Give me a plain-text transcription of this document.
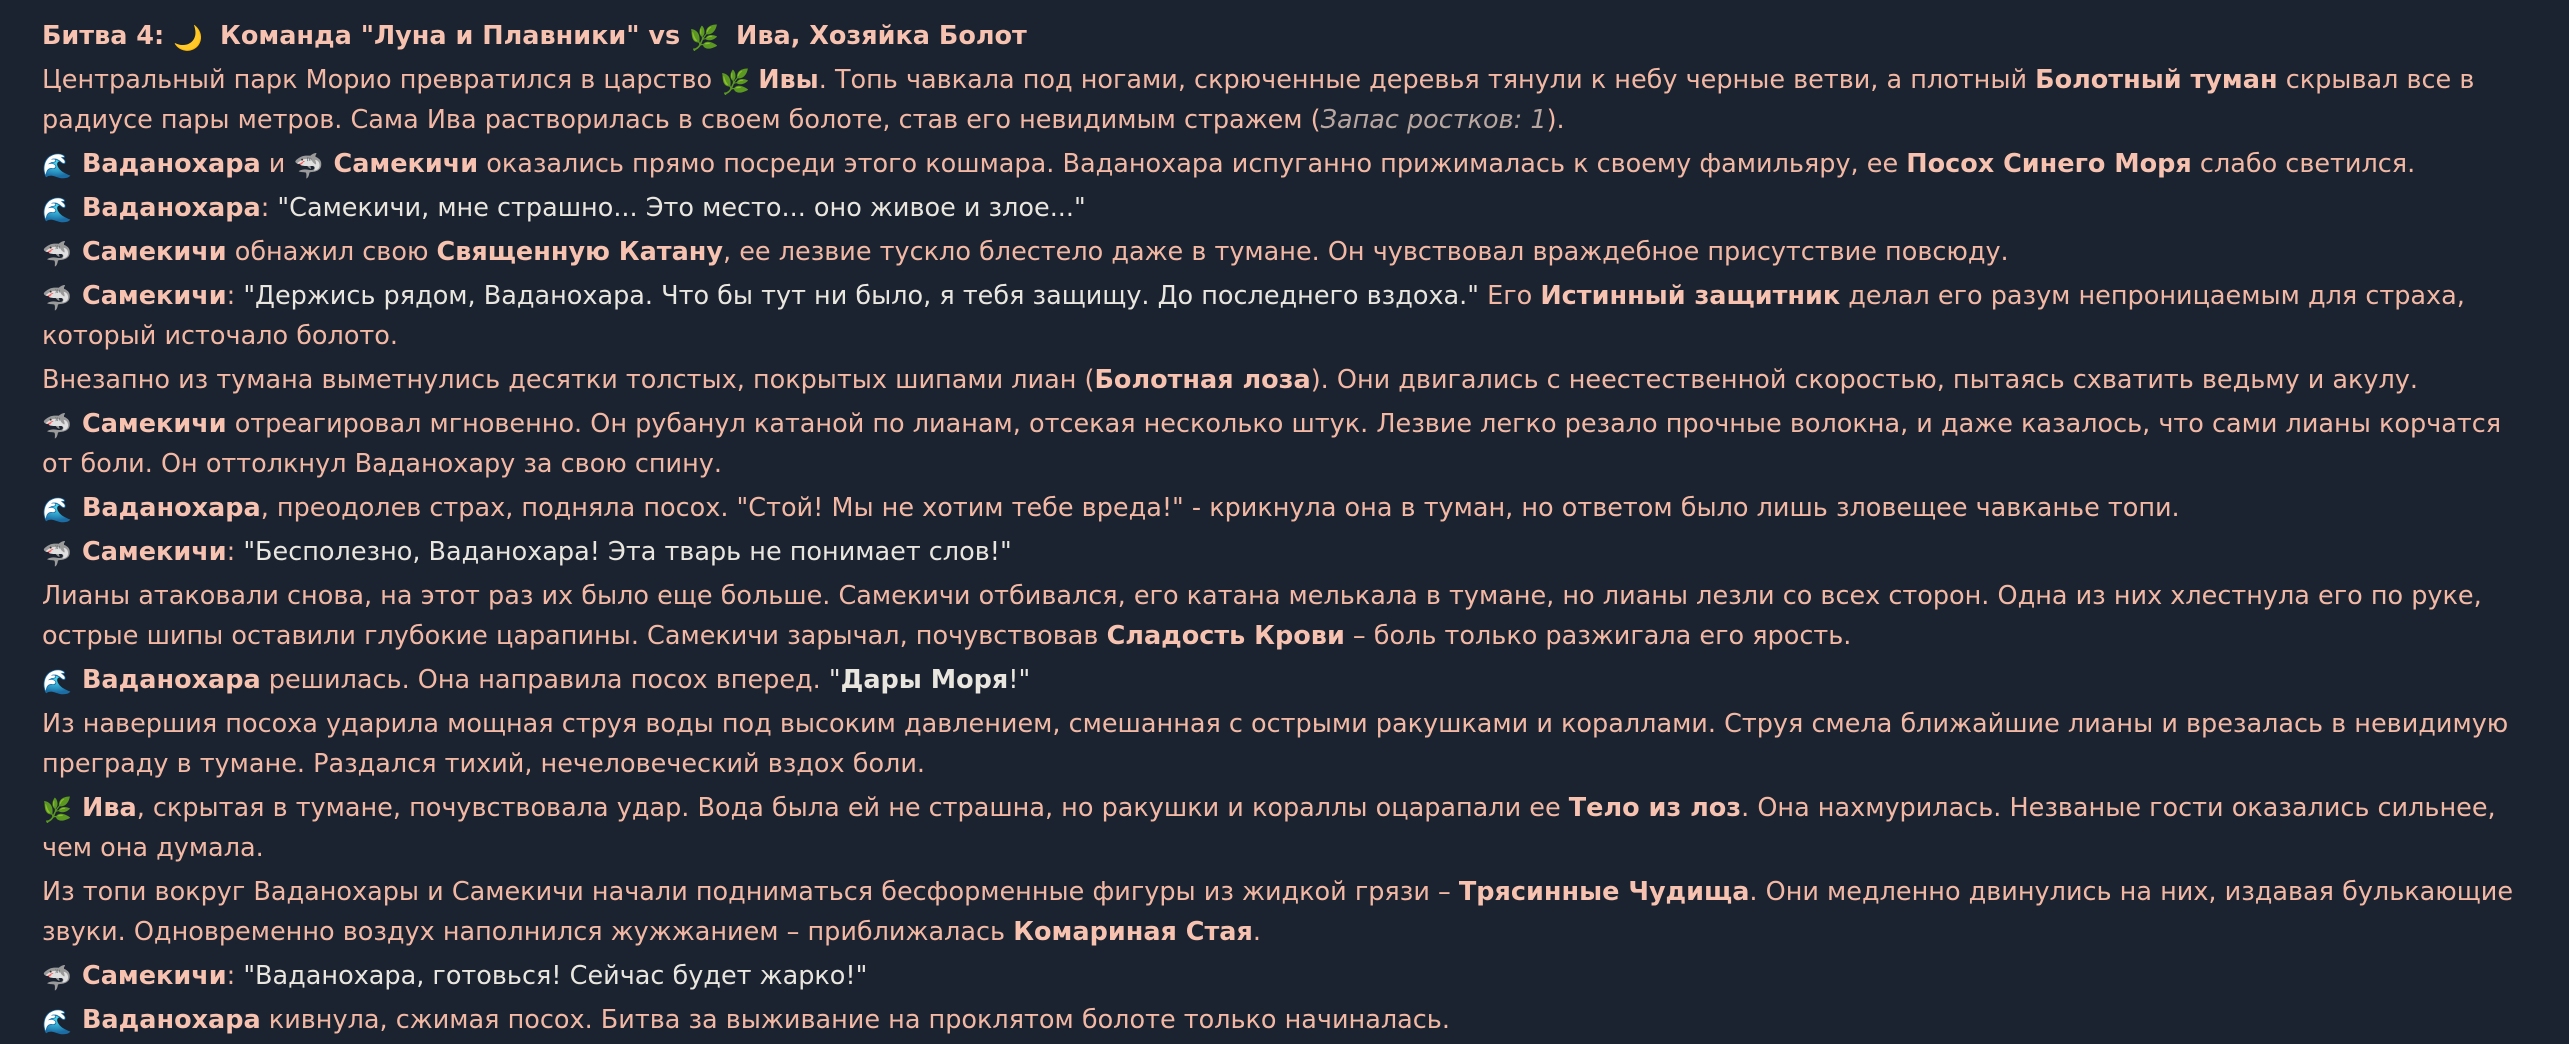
Битва 4: 🌙 Команда "Луна и Плавники" vs 🌿 Ива, Хозяйка Болот
Центральный парк Морио превратился в царство 🌿 Ивы. Топь чавкала под ногами, скрюченные деревья тянули к небу черные ветви, а плотный Болотный туман скрывал все в радиусе пары метров. Сама Ива растворилась в своем болоте, став его невидимым стражем (Запас ростков: 1).
🌊 Ваданохара и 🦈 Самекичи оказались прямо посреди этого кошмара. Ваданохара испуганно прижималась к своему фамильяру, ее Посох Синего Моря слабо светился.
🌊 Ваданохара: "Самекичи, мне страшно... Это место... оно живое и злое..."
🦈 Самекичи обнажил свою Священную Катану, ее лезвие тускло блестело даже в тумане. Он чувствовал враждебное присутствие повсюду.
🦈 Самекичи: "Держись рядом, Ваданохара. Что бы тут ни было, я тебя защищу. До последнего вздоха." Его Истинный защитник делал его разум непроницаемым для страха, который источало болото.
Внезапно из тумана выметнулись десятки толстых, покрытых шипами лиан (Болотная лоза). Они двигались с неестественной скоростью, пытаясь схватить ведьму и акулу.
🦈 Самекичи отреагировал мгновенно. Он рубанул катаной по лианам, отсекая несколько штук. Лезвие легко резало прочные волокна, и даже казалось, что сами лианы корчатся от боли. Он оттолкнул Ваданохару за свою спину.
🌊 Ваданохара, преодолев страх, подняла посох. "Стой! Мы не хотим тебе вреда!" - крикнула она в туман, но ответом было лишь зловещее чавканье топи.
🦈 Самекичи: "Бесполезно, Ваданохара! Эта тварь не понимает слов!"
Лианы атаковали снова, на этот раз их было еще больше. Самекичи отбивался, его катана мелькала в тумане, но лианы лезли со всех сторон. Одна из них хлестнула его по руке, острые шипы оставили глубокие царапины. Самекичи зарычал, почувствовав Сладость Крови – боль только разжигала его ярость.
🌊 Ваданохара решилась. Она направила посох вперед. "Дары Моря!"
Из навершия посоха ударила мощная струя воды под высоким давлением, смешанная с острыми ракушками и кораллами. Струя смела ближайшие лианы и врезалась в невидимую преграду в тумане. Раздался тихий, нечеловеческий вздох боли.
🌿 Ива, скрытая в тумане, почувствовала удар. Вода была ей не страшна, но ракушки и кораллы оцарапали ее Тело из лоз. Она нахмурилась. Незваные гости оказались сильнее, чем она думала.
Из топи вокруг Ваданохары и Самекичи начали подниматься бесформенные фигуры из жидкой грязи – Трясинные Чудища. Они медленно двинулись на них, издавая булькающие звуки. Одновременно воздух наполнился жужжанием – приближалась Комариная Стая.
🦈 Самекичи: "Ваданохара, готовься! Сейчас будет жарко!"
🌊 Ваданохара кивнула, сжимая посох. Битва за выживание на проклятом болоте только начиналась.
